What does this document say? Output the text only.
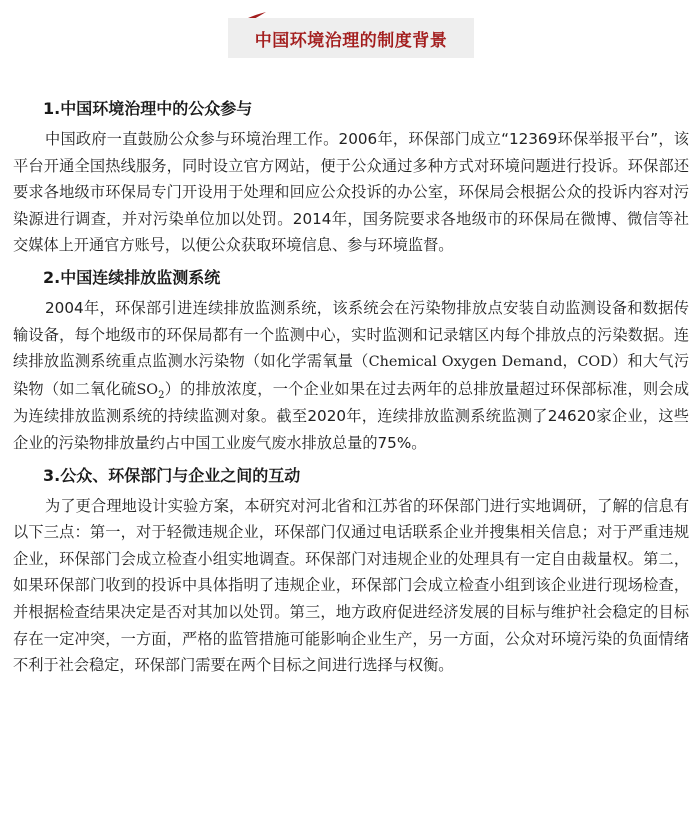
中国环境治理的制度背景
1.中国环境治理中的公众参与

中国政府一直鼓励公众参与环境治理工作。2006年，环保部门成立“12369环保举报平台”，该平台开通全国热线服务，同时设立官方网站，便于公众通过多种方式对环境问题进行投诉。环保部还要求各地级市环保局专门开设用于处理和回应公众投诉的办公室，环保局会根据公众的投诉内容对污染源进行调查，并对污染单位加以处罚。2014年，国务院要求各地级市的环保局在微博、微信等社交媒体上开通官方账号，以便公众获取环境信息、参与环境监督。

2.中国连续排放监测系统

2004年，环保部引进连续排放监测系统，该系统会在污染物排放点安装自动监测设备和数据传输设备，每个地级市的环保局都有一个监测中心，实时监测和记录辖区内每个排放点的污染数据。连续排放监测系统重点监测水污染物（如化学需氧量（Chemical Oxygen Demand，COD）和大气污染物（如二氧化硫$SO_2$）的排放浓度，一个企业如果在过去两年的总排放量超过环保部标准，则会成为连续排放监测系统的持续监测对象。截至2020年，连续排放监测系统监测了24620家企业，这些企业的污染物排放量约占中国工业废气废水排放总量的75%。

3.公众、环保部门与企业之间的互动

为了更合理地设计实验方案，本研究对河北省和江苏省的环保部门进行实地调研，了解的信息有以下三点：第一，对于轻微违规企业，环保部门仅通过电话联系企业并搜集相关信息；对于严重违规企业，环保部门会成立检查小组实地调查。环保部门对违规企业的处理具有一定自由裁量权。第二，如果环保部门收到的投诉中具体指明了违规企业，环保部门会成立检查小组到该企业进行现场检查，并根据检查结果决定是否对其加以处罚。第三，地方政府促进经济发展的目标与维护社会稳定的目标存在一定冲突，一方面，严格的监管措施可能影响企业生产，另一方面，公众对环境污染的负面情绪不利于社会稳定，环保部门需要在两个目标之间进行选择与权衡。
